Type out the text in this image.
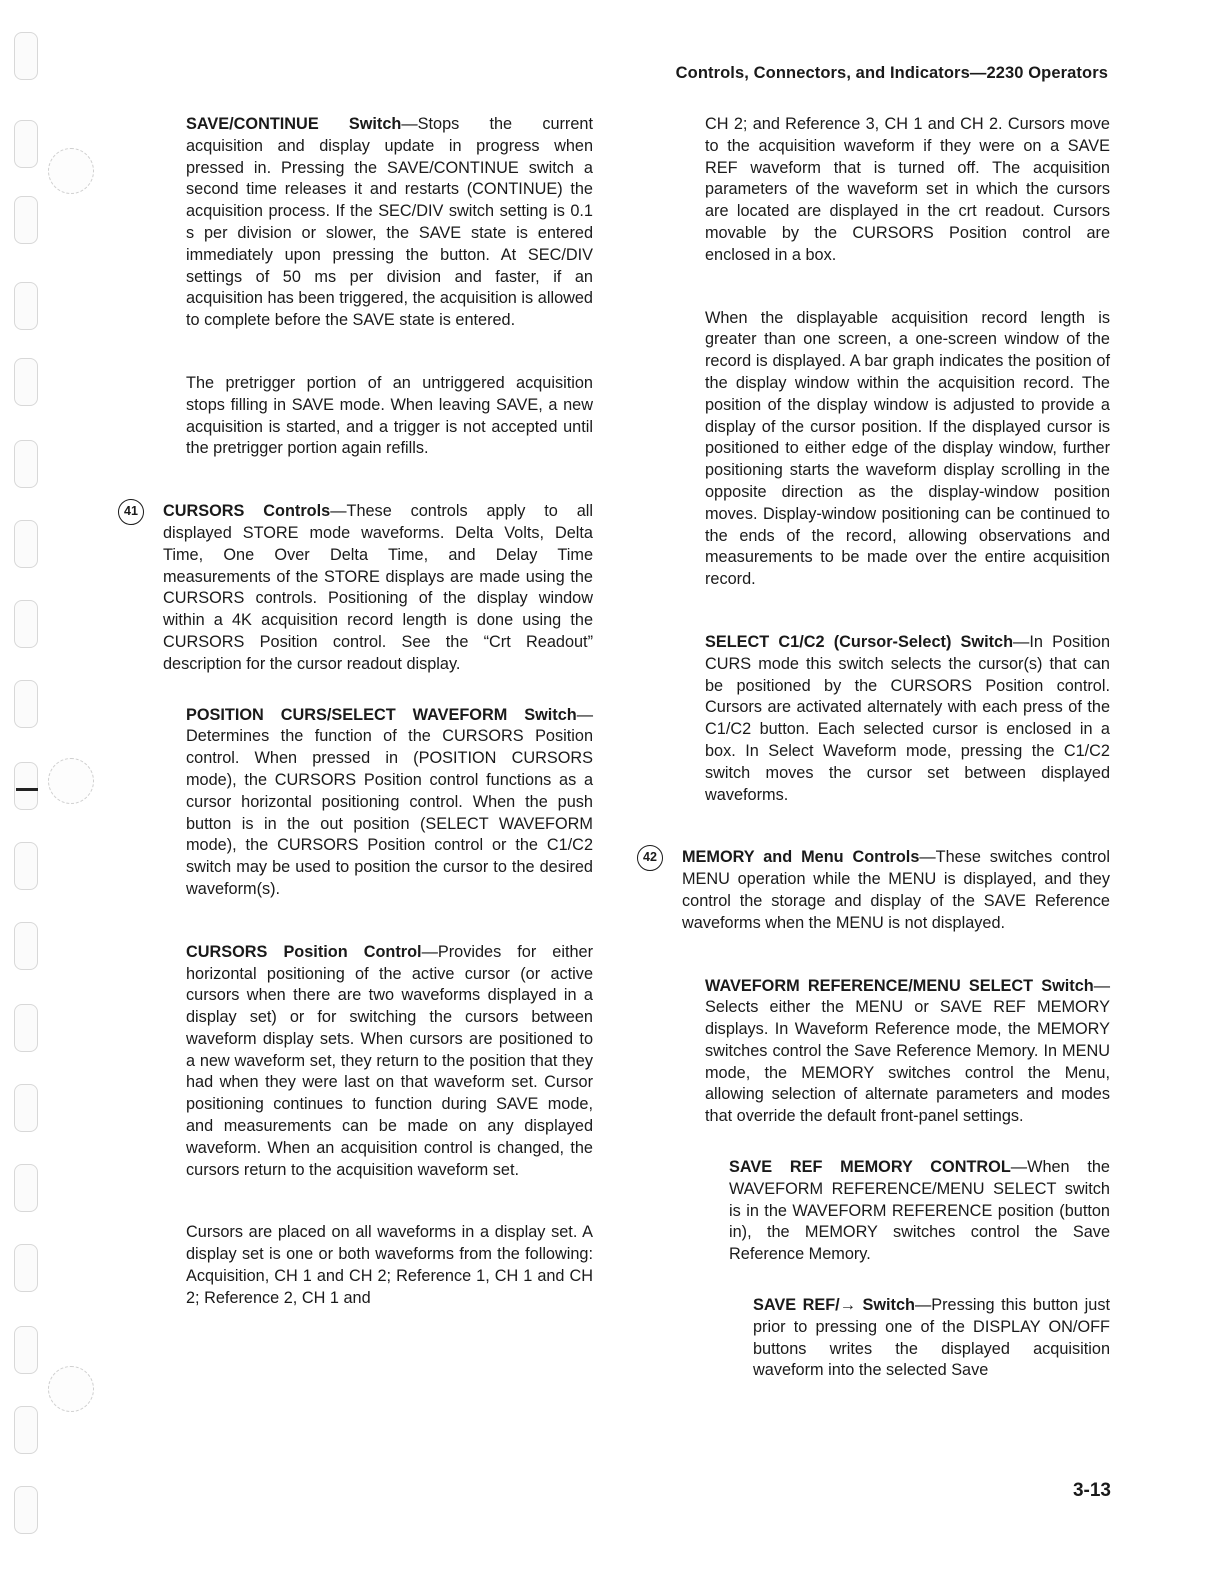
Controls, Connectors, and Indicators—2230 Operators

SAVE/CONTINUE Switch—Stops the current acquisition and display update in progress when pressed in. Pressing the SAVE/CONTINUE switch a second time releases it and restarts (CONTINUE) the acquisition process. If the SEC/DIV switch setting is 0.1 s per division or slower, the SAVE state is entered immediately upon pressing the button. At SEC/DIV settings of 50 ms per division and faster, if an acquisition has been triggered, the acquisition is allowed to complete before the SAVE state is entered.

The pretrigger portion of an untriggered acquisition stops filling in SAVE mode. When leaving SAVE, a new acquisition is started, and a trigger is not accepted until the pretrigger portion again refills.

41	CURSORS Controls—These controls apply to all displayed STORE mode waveforms. Delta Volts, Delta Time, One Over Delta Time, and Delay Time measurements of the STORE displays are made using the CURSORS controls. Positioning of the display window within a 4K acquisition record length is done using the CURSORS Position control. See the “Crt Readout” description for the cursor readout display.

POSITION CURS/SELECT WAVEFORM Switch—Determines the function of the CURSORS Position control. When pressed in (POSITION CURSORS mode), the CURSORS Position control functions as a cursor horizontal positioning control. When the push button is in the out position (SELECT WAVEFORM mode), the CURSORS Position control or the C1/C2 switch may be used to position the cursor to the desired waveform(s).

CURSORS Position Control—Provides for either horizontal positioning of the active cursor (or active cursors when there are two waveforms displayed in a display set) or for switching the cursors between waveform display sets. When cursors are positioned to a new waveform set, they return to the position that they had when they were last on that waveform set. Cursor positioning continues to function during SAVE mode, and measurements can be made on any displayed waveform. When an acquisition control is changed, the cursors return to the acquisition waveform set.

Cursors are placed on all waveforms in a display set. A display set is one or both waveforms from the following: Acquisition, CH 1 and CH 2; Reference 1, CH 1 and CH 2; Reference 2, CH 1 and

CH 2; and Reference 3, CH 1 and CH 2. Cursors move to the acquisition waveform if they were on a SAVE REF waveform that is turned off. The acquisition parameters of the waveform set in which the cursors are located are displayed in the crt readout. Cursors movable by the CURSORS Position control are enclosed in a box.

When the displayable acquisition record length is greater than one screen, a one-screen window of the record is displayed. A bar graph indicates the position of the display window within the acquisition record. The position of the display window is adjusted to provide a display of the cursor position. If the displayed cursor is positioned to either edge of the display window, further positioning starts the waveform display scrolling in the opposite direction as the display-window position moves. Display-window positioning can be continued to the ends of the record, allowing observations and measurements to be made over the entire acquisition record.

SELECT C1/C2 (Cursor-Select) Switch—In Position CURS mode this switch selects the cursor(s) that can be positioned by the CURSORS Position control. Cursors are activated alternately with each press of the C1/C2 button. Each selected cursor is enclosed in a box. In Select Waveform mode, pressing the C1/C2 switch moves the cursor set between displayed waveforms.

42	MEMORY and Menu Controls—These switches control MENU operation while the MENU is displayed, and they control the storage and display of the SAVE Reference waveforms when the MENU is not displayed.

WAVEFORM REFERENCE/MENU SELECT Switch—Selects either the MENU or SAVE REF MEMORY displays. In Waveform Reference mode, the MEMORY switches control the Save Reference Memory. In MENU mode, the MEMORY switches control the Menu, allowing selection of alternate parameters and modes that override the default front-panel settings.

SAVE REF MEMORY CONTROL—When the WAVEFORM REFERENCE/MENU SELECT switch is in the WAVEFORM REFERENCE position (button in), the MEMORY switches control the Save Reference Memory.

SAVE REF/→ Switch—Pressing this button just prior to pressing one of the DISPLAY ON/OFF buttons writes the displayed acquisition waveform into the selected Save

3-13
